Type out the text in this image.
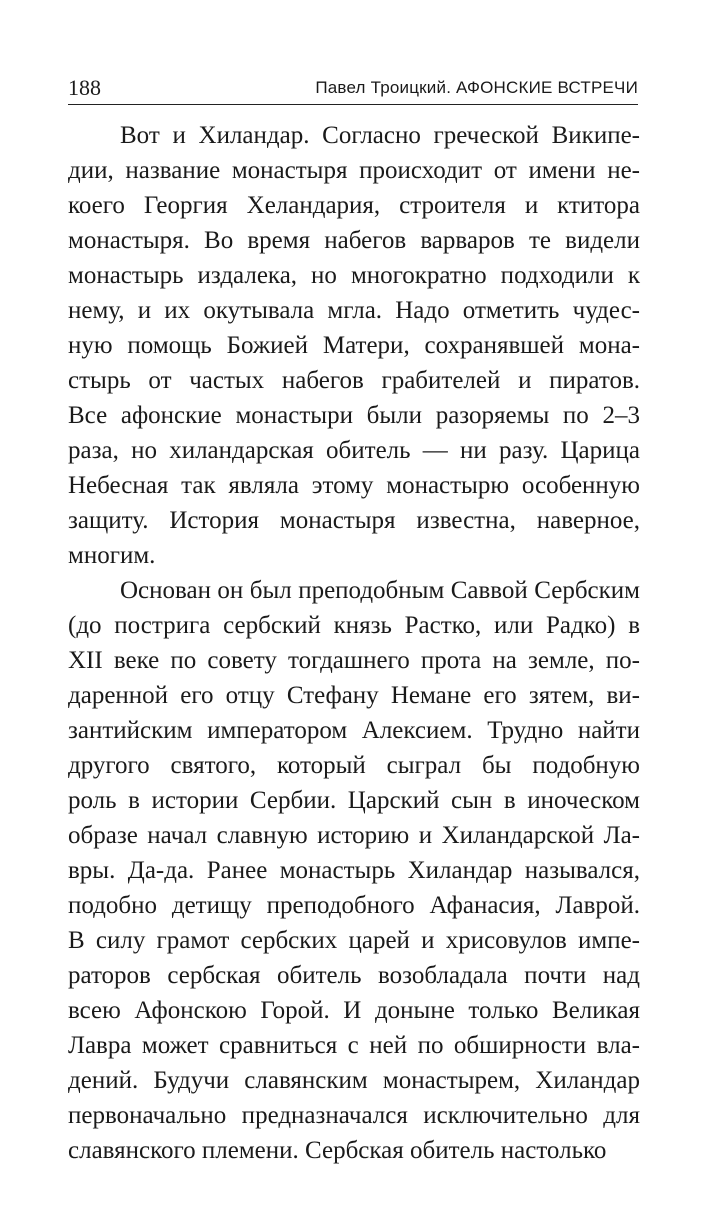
188	Павел Троицкий. АФОНСКИЕ ВСТРЕЧИ
Вот и Хиландар. Согласно греческой Википе-
дии, название монастыря происходит от имени не-
коего Георгия Хеландария, строителя и ктитора
монастыря. Во время набегов варваров те видели
монастырь издалека, но многократно подходили к
нему, и их окутывала мгла. Надо отметить чудес-
ную помощь Божией Матери, сохранявшей мона-
стырь от частых набегов грабителей и пиратов.
Все афонские монастыри были разоряемы по 2–3
раза, но хиландарская обитель — ни разу. Царица
Небесная так являла этому монастырю особенную
защиту. История монастыря известна, наверное,
многим.
Основан он был преподобным Саввой Сербским
(до пострига сербский князь Растко, или Радко) в
XII веке по совету тогдашнего прота на земле, по-
даренной его отцу Стефану Немане его зятем, ви-
зантийским императором Алексием. Трудно найти
другого святого, который сыграл бы подобную
роль в истории Сербии. Царский сын в иноческом
образе начал славную историю и Хиландарской Ла-
вры. Да-да. Ранее монастырь Хиландар назывался,
подобно детищу преподобного Афанасия, Лаврой.
В силу грамот сербских царей и хрисовулов импе-
раторов сербская обитель возобладала почти над
всею Афонскою Горой. И доныне только Великая
Лавра может сравниться с ней по обширности вла-
дений. Будучи славянским монастырем, Хиландар
первоначально предназначался исключительно для
славянского племени. Сербская обитель настолько
